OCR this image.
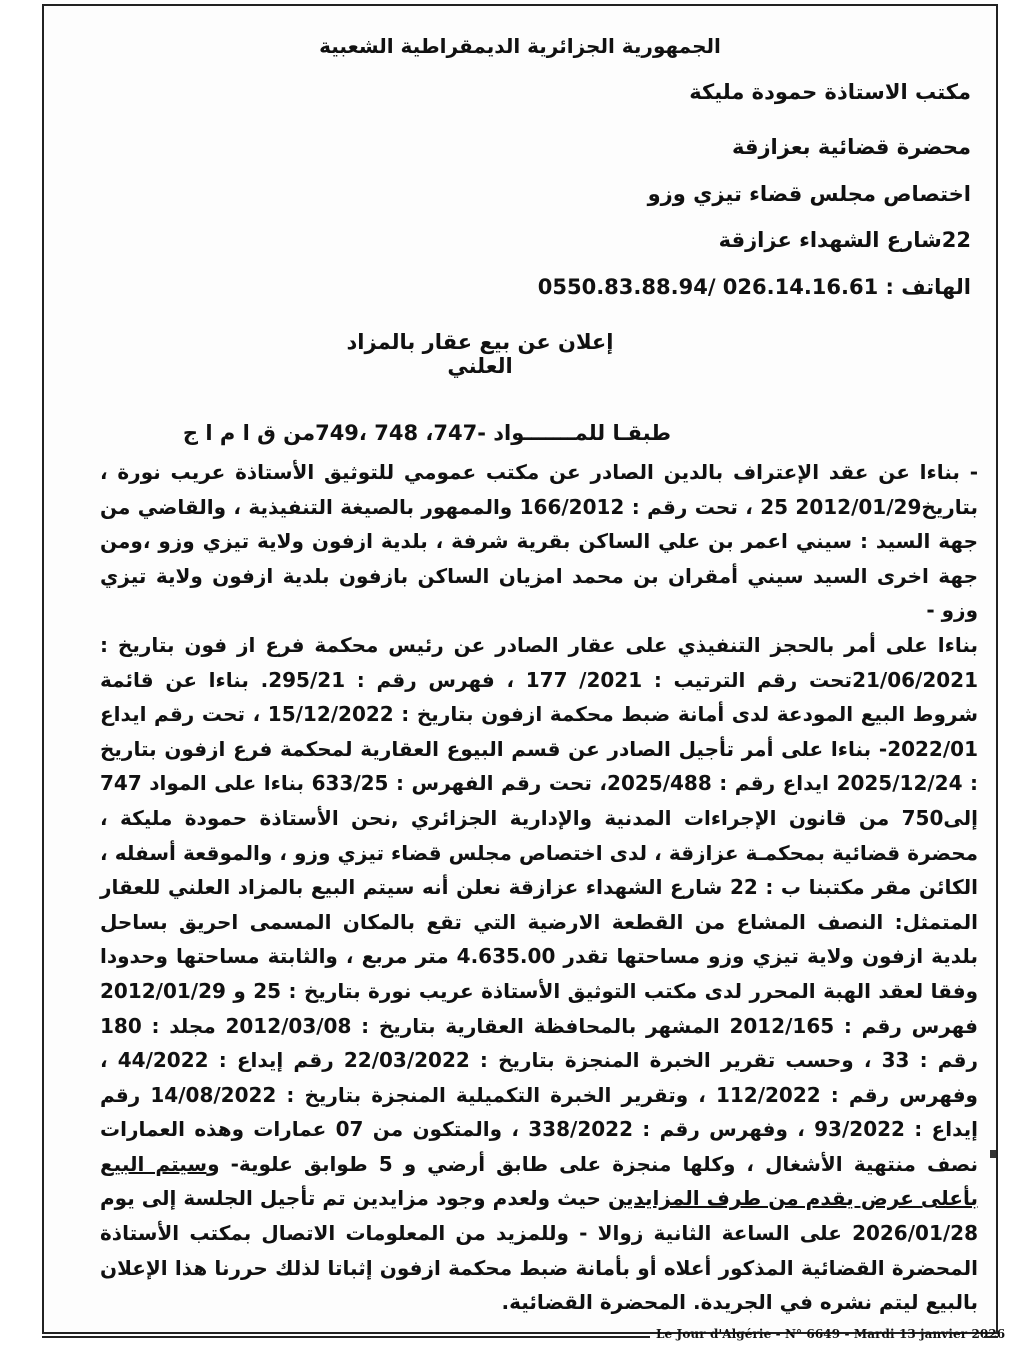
الجمهورية الجزائرية الديمقراطية الشعبية
مكتب الاستاذة حمودة مليكة
محضرة قضائية بعزازقة
اختصاص مجلس قضاء تيزي وزو
22شارع الشهداء عزازقة
الهاتف : 026.14.16.61 /0550.83.88.94
إعلان عن بيع عقار بالمزاد العلني
طبقـا للمـــــــواد -747، 748 ،749من ق ا م ا ج

- بناءا عن عقد الإعتراف بالدين الصادر عن مكتب عمومي للتوثيق الأستاذة عريب نورة ، بتاريخ2012/01/29 25 ، تحت رقم : 166/2012 والممهور بالصيغة التنفيذية ، والقاضي من جهة السيد : سيني اعمر بن علي الساكن بقرية شرفة ، بلدية ازفون ولاية تيزي وزو ،ومن جهة اخرى السيد سيني أمقران بن محمد امزيان الساكن بازفون بلدية ازفون ولاية تيزي وزو -

بناءا على أمر بالحجز التنفيذي على عقار الصادر عن رئيس محكمة فرع از فون بتاريخ : 21/06/2021تحت رقم الترتيب : 2021/ 177 ، فهرس رقم : 295/21. بناءا عن قائمة شروط البيع المودعة لدى أمانة ضبط محكمة ازفون بتاريخ : 15/12/2022 ، تحت رقم ايداع 2022/01- بناءا على أمر تأجيل الصادر عن قسم البيوع العقارية لمحكمة فرع ازفون بتاريخ : 2025/12/24 ايداع رقم : 2025/488، تحت رقم الفهرس : 633/25 بناءا على المواد 747 إلى750 من قانون الإجراءات المدنية والإدارية الجزائري ,نحن الأستاذة حمودة مليكة ، محضرة قضائية بمحكمـة عزازقة ، لدى اختصاص مجلس قضاء تيزي وزو ، والموقعة أسفله ، الكائن مقر مكتبنا ب : 22 شارع الشهداء عزازقة نعلن أنه سيتم البيع بالمزاد العلني للعقار المتمثل: النصف المشاع من القطعة الارضية التي تقع بالمكان المسمى احريق بساحل بلدية ازفون ولاية تيزي وزو مساحتها تقدر 4.635.00 متر مربع ، والثابتة مساحتها وحدودا وفقا لعقد الهبة المحرر لدى مكتب التوثيق الأستاذة عريب نورة بتاريخ : 25 و 2012/01/29 فهرس رقم : 2012/165 المشهر بالمحافظة العقارية بتاريخ : 2012/03/08 مجلد : 180 رقم : 33 ، وحسب تقرير الخبرة المنجزة بتاريخ : 22/03/2022 رقم إيداع : 44/2022 ، وفهرس رقم : 112/2022 ، وتقرير الخبرة التكميلية المنجزة بتاريخ : 14/08/2022 رقم إيداع : 93/2022 ، وفهرس رقم : 338/2022 ، والمتكون من 07 عمارات وهذه العمارات نصف منتهية الأشغال ، وكلها منجزة على طابق أرضي و 5 طوابق علوية- وسيتم البيع بأعلى عرض يقدم من طرف المزايدين حيث ولعدم وجود مزايدين تم تأجيل الجلسة إلى يوم 2026/01/28 على الساعة الثانية زوالا - وللمزيد من المعلومات الاتصال بمكتب الأستاذة المحضرة القضائية المذكور أعلاه أو بأمانة ضبط محكمة ازفون إثباتا لذلك حررنا هذا الإعلان بالبيع ليتم نشره في الجريدة. المحضرة القضائية.

Le Jour d'Algérie - N° 6649 - Mardi 13 janvier 2026
